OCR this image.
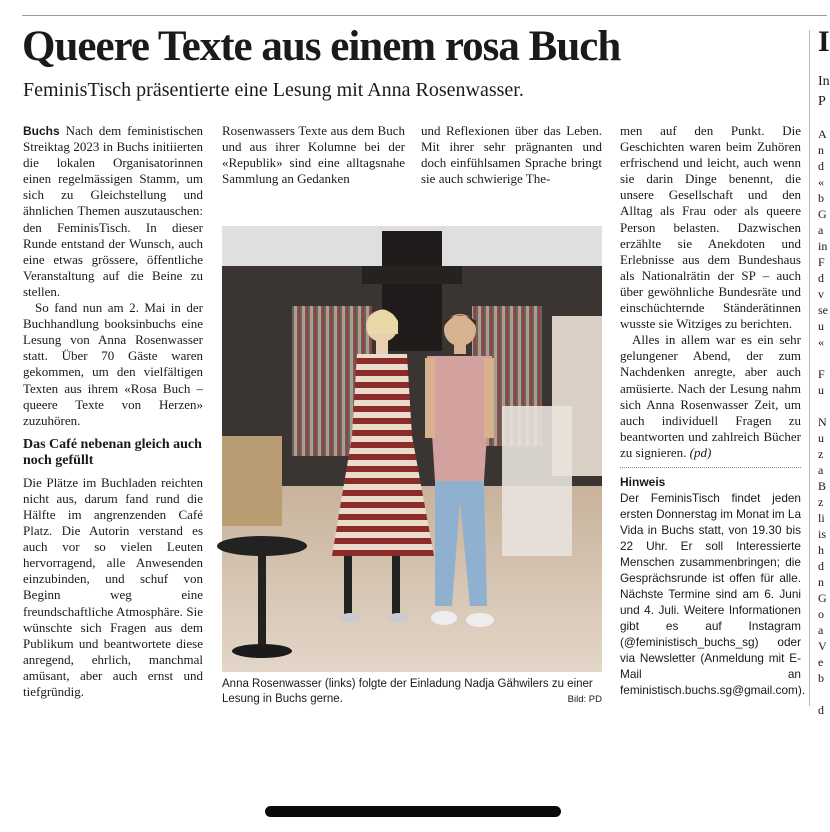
Queere Texte aus einem rosa Buch
FeminisTisch präsentierte eine Lesung mit Anna Rosenwasser.

Buchs Nach dem feministischen Streiktag 2023 in Buchs initiierten die lokalen Organisatorinnen einen regelmässigen Stamm, um sich zu Gleichstellung und ähnlichen Themen auszutauschen: den FeminisTisch. In dieser Runde entstand der Wunsch, auch eine etwas grössere, öffentliche Veranstaltung auf die Beine zu stellen.

So fand nun am 2. Mai in der Buchhandlung booksinbuchs eine Lesung von Anna Rosenwasser statt. Über 70 Gäste waren gekommen, um den vielfältigen Texten aus ihrem «Rosa Buch – queere Texte von Herzen» zuzuhören.

Das Café nebenan gleich auch noch gefüllt

Die Plätze im Buchladen reichten nicht aus, darum fand rund die Hälfte im angrenzenden Café Platz. Die Autorin verstand es auch vor so vielen Leuten hervorragend, alle Anwesenden einzubinden, und schuf von Beginn weg eine freundschaftliche Atmosphäre. Sie wünschte sich Fragen aus dem Publikum und beantwortete diese anregend, ehrlich, manchmal amüsant, aber auch ernst und tiefgründig.

Rosenwassers Texte aus dem Buch und aus ihrer Kolumne bei der «Republik» sind eine alltagsnahe Sammlung an Gedanken

und Reflexionen über das Leben. Mit ihrer sehr prägnanten und doch einfühlsamen Sprache bringt sie auch schwierige The-

men auf den Punkt. Die Geschichten waren beim Zuhören erfrischend und leicht, auch wenn sie darin Dinge benennt, die unsere Gesellschaft und den Alltag als Frau oder als queere Person belasten. Dazwischen erzählte sie Anekdoten und Erlebnisse aus dem Bundeshaus als Nationalrätin der SP – auch über gewöhnliche Bundesräte und einschüchternde Ständerätinnen wusste sie Witziges zu berichten.

Alles in allem war es ein sehr gelungener Abend, der zum Nachdenken anregte, aber auch amüsierte. Nach der Lesung nahm sich Anna Rosenwasser Zeit, um auch individuell Fragen zu beantworten und zahlreich Bücher zu signieren. (pd)

Hinweis

Der FeminisTisch findet jeden ersten Donnerstag im Monat im La Vida in Buchs statt, von 19.30 bis 22 Uhr. Er soll Interessierte Menschen zusammenbringen; die Gesprächsrunde ist offen für alle. Nächste Termine sind am 6. Juni und 4. Juli. Weitere Informationen gibt es auf Instagram (@feministisch_buchs_sg) oder via Newsletter (Anmeldung mit E-Mail an feministisch.buchs.sg@gmail.com).

Anna Rosenwasser (links) folgte der Einladung Nadja Gähwilers zu einer Lesung in Buchs gerne.	Bild: PD
I
In
P
A
n
d
«
b
G
a
in
F
d
v
se
u
«

F
u

N
u
z
a
B
z
li
is
h
d
n
G
o
a
V
e
b

d
